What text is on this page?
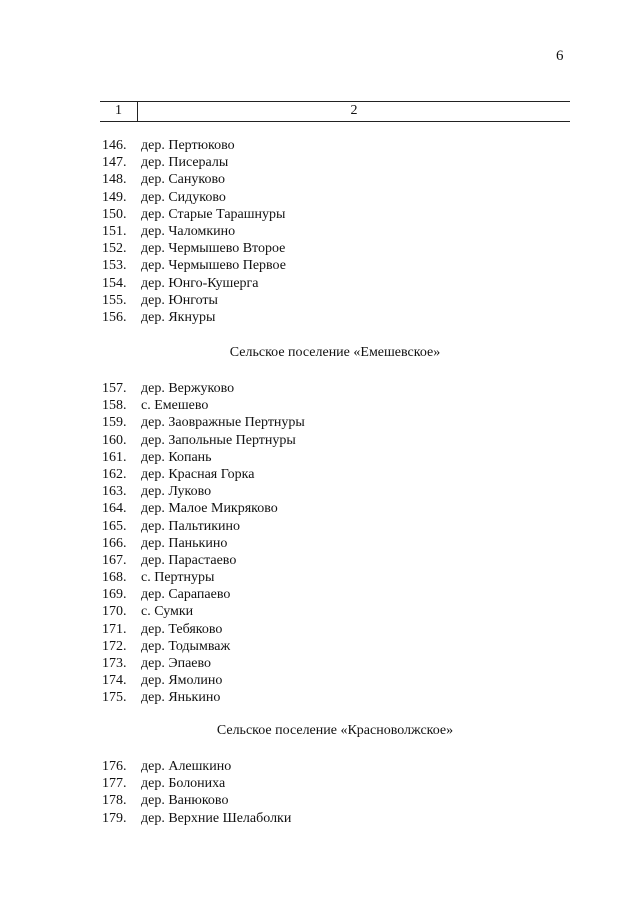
6
1	2
146. дер. Пертюково
147. дер. Писералы
148. дер. Сануково
149. дер. Сидуково
150. дер. Старые Тарашнуры
151. дер. Чаломкино
152. дер. Чермышево Второе
153. дер. Чермышево Первое
154. дер. Юнго-Кушерга
155. дер. Юнготы
156. дер. Якнуры
Сельское поселение «Емешевское»
157. дер. Вержуково
158. с. Емешево
159. дер. Заовражные Пертнуры
160. дер. Запольные Пертнуры
161. дер. Копань
162. дер. Красная Горка
163. дер. Луково
164. дер. Малое Микряково
165. дер. Пальтикино
166. дер. Панькино
167. дер. Парастаево
168. с. Пертнуры
169. дер. Сарапаево
170. с. Сумки
171. дер. Тебяково
172. дер. Тодымваж
173. дер. Эпаево
174. дер. Ямолино
175. дер. Янькино
Сельское поселение «Красноволжское»
176. дер. Алешкино
177. дер. Болониха
178. дер. Ванюково
179. дер. Верхние Шелаболки
